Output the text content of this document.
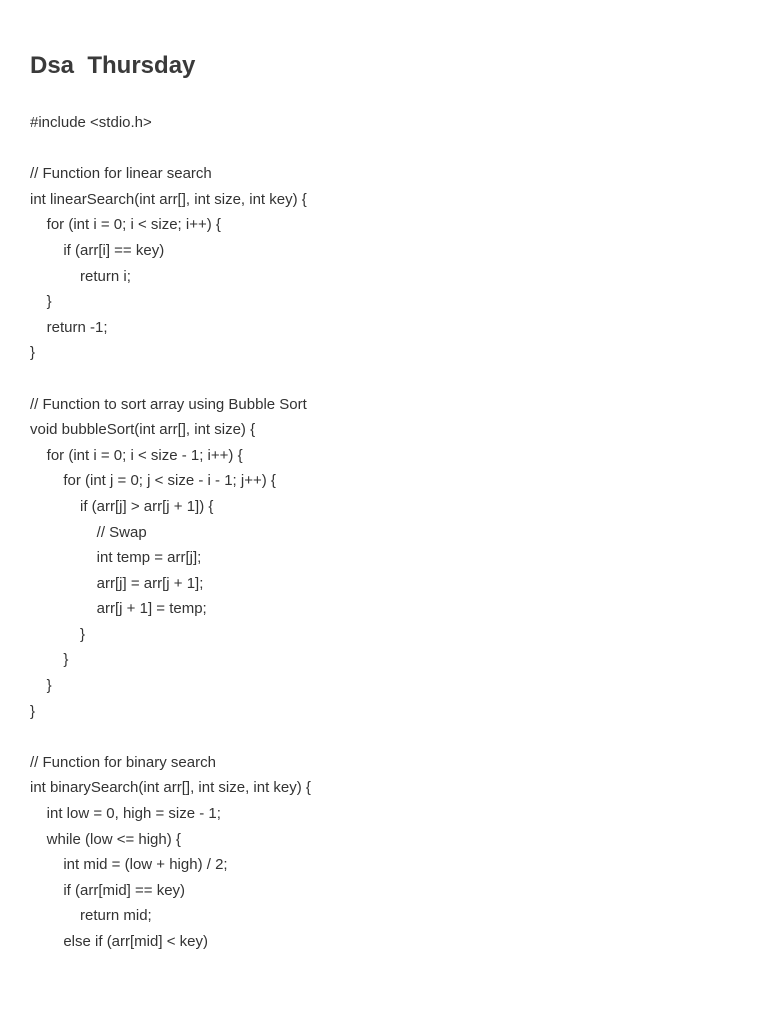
Dsa  Thursday
#include <stdio.h>
// Function for linear search
int linearSearch(int arr[], int size, int key) {
for (int i = 0; i < size; i++) {
if (arr[i] == key)
return i;
}
return -1;
}
// Function to sort array using Bubble Sort
void bubbleSort(int arr[], int size) {
for (int i = 0; i < size - 1; i++) {
for (int j = 0; j < size - i - 1; j++) {
if (arr[j] > arr[j + 1]) {
// Swap
int temp = arr[j];
arr[j] = arr[j + 1];
arr[j + 1] = temp;
}
}
}
}
// Function for binary search
int binarySearch(int arr[], int size, int key) {
int low = 0, high = size - 1;
while (low <= high) {
int mid = (low + high) / 2;
if (arr[mid] == key)
return mid;
else if (arr[mid] < key)
